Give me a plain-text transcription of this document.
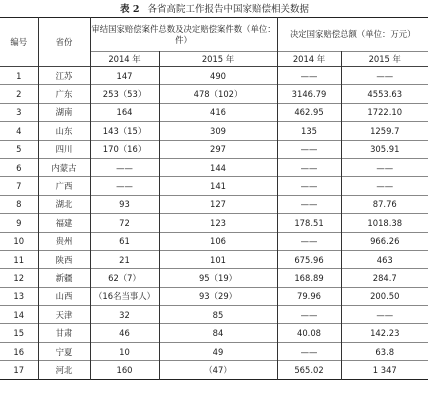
表 2 各省高院工作报告中国家赔偿相关数据
编号	省份	审结国家赔偿案件总数及决定赔偿案件数（单位：件）		决定国家赔偿总额（单位：万元）	
		2014 年	2015 年	2014 年	2015 年
1	江苏	147	490	——	——
2	广东	253（53）	478（102）	3146.79	4553.63
3	湖南	164	416	462.95	1722.10
4	山东	143（15）	309	135	1259.7
5	四川	170（16）	297	——	305.91
6	内蒙古	——	144	——	——
7	广西	——	141	——	——
8	湖北	93	127	——	87.76
9	福建	72	123	178.51	1018.38
10	贵州	61	106	——	966.26
11	陕西	21	101	675.96	463
12	新疆	62（7）	95（19）	168.89	284.7
13	山西	（16名当事人）	93（29）	79.96	200.50
14	天津	32	85	——	——
15	甘肃	46	84	40.08	142.23
16	宁夏	10	49	——	63.8
17	河北	160	（47）	565.02	1 347
